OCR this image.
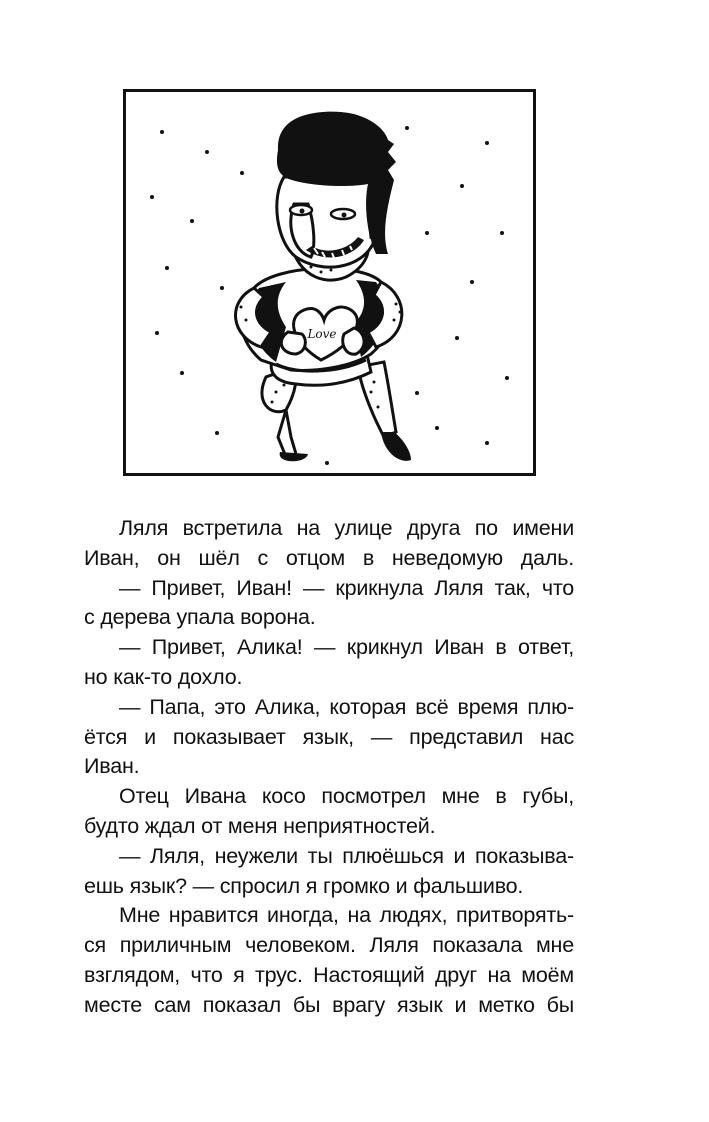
Love
Ляля встретила на улице друга по имени
Иван, он шёл с отцом в неведомую даль.
— Привет, Иван! — крикнула Ляля так, что
с дерева упала ворона.
— Привет, Алика! — крикнул Иван в ответ,
но как-то дохло.
— Папа, это Алика, которая всё время плю-
ётся и показывает язык, — представил нас
Иван.
Отец Ивана косо посмотрел мне в губы,
будто ждал от меня неприятностей.
— Ляля, неужели ты плюёшься и показыва-
ешь язык? — спросил я громко и фальшиво.
Мне нравится иногда, на людях, притворять-
ся приличным человеком. Ляля показала мне
взглядом, что я трус. Настоящий друг на моём
месте сам показал бы врагу язык и метко бы
